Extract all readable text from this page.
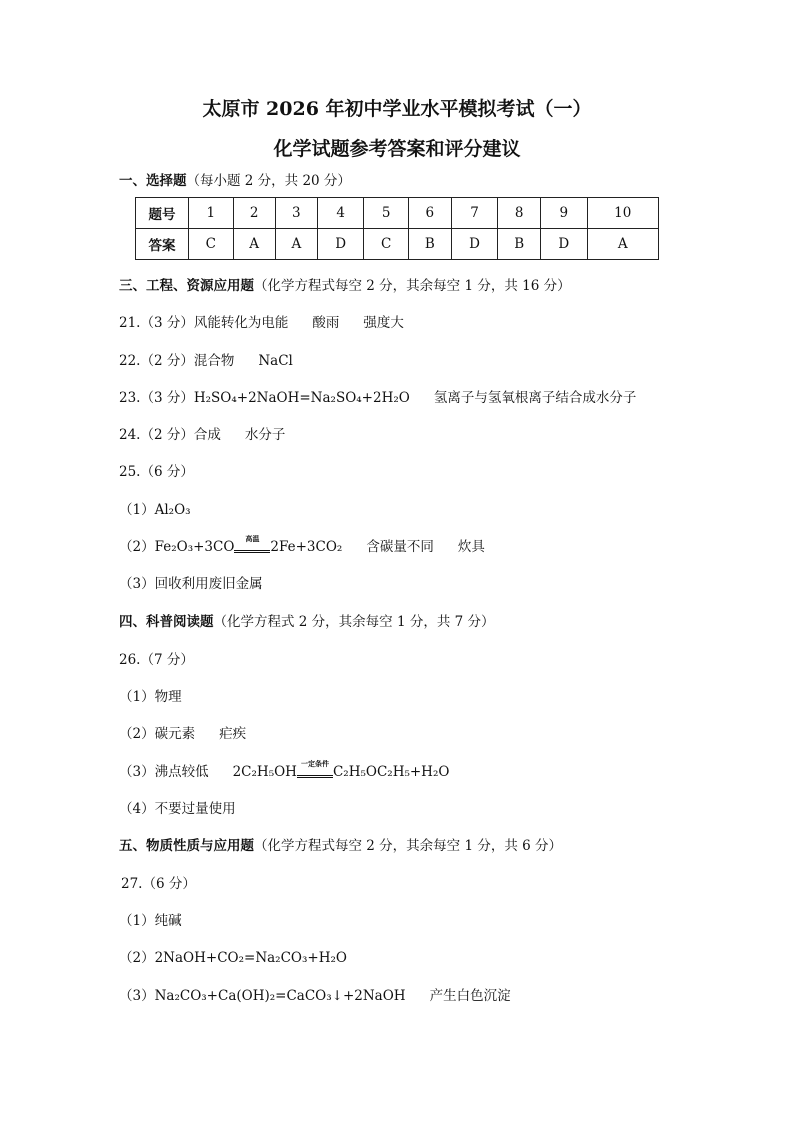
太原市 2026 年初中学业水平模拟考试（一）
化学试题参考答案和评分建议
一、选择题（每小题 2 分，共 20 分）
题号	1	2	3	4	5	6	7	8	9	10
答案	C	A	A	D	C	B	D	B	D	A
三、工程、资源应用题（化学方程式每空 2 分，其余每空 1 分，共 16 分）
21.（3 分）风能转化为电能 酸雨 强度大
22.（2 分）混合物 NaCl
23.（3 分）H₂SO₄+2NaOH=Na₂SO₄+2H₂O 氢离子与氢氧根离子结合成水分子
24.（2 分）合成 水分子
25.（6 分）
（1）Al₂O₃
（2）Fe₂O₃+3CO
高温
2Fe+3CO₂ 含碳量不同 炊具
（3）回收利用废旧金属
四、科普阅读题（化学方程式 2 分，其余每空 1 分，共 7 分）
26.（7 分）
（1）物理
（2）碳元素 疟疾
（3）沸点较低 2C₂H₅OH
一定条件
C₂H₅OC₂H₅+H₂O
（4）不要过量使用
五、物质性质与应用题（化学方程式每空 2 分，其余每空 1 分，共 6 分）
27.（6 分）
（1）纯碱
（2）2NaOH+CO₂=Na₂CO₃+H₂O
（3）Na₂CO₃+Ca(OH)₂=CaCO₃↓+2NaOH 产生白色沉淀
